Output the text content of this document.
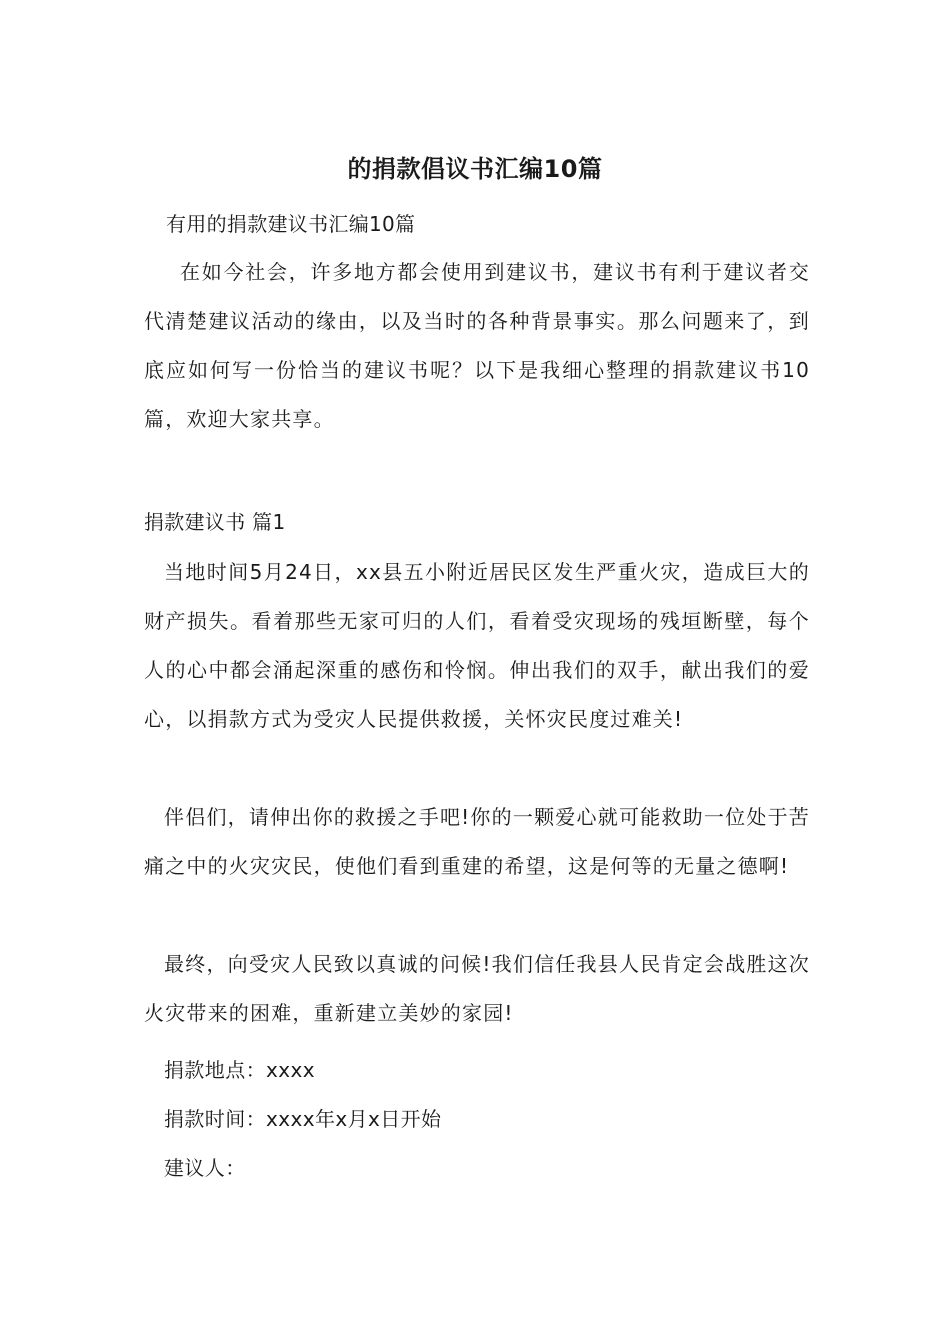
的捐款倡议书汇编10篇
有用的捐款建议书汇编10篇
在如今社会，许多地方都会使用到建议书，建议书有利于建议者交代清楚建议活动的缘由，以及当时的各种背景事实。那么问题来了，到底应如何写一份恰当的建议书呢？以下是我细心整理的捐款建议书10篇，欢迎大家共享。
捐款建议书 篇1
当地时间5月24日，xx县五小附近居民区发生严重火灾，造成巨大的财产损失。看着那些无家可归的人们，看着受灾现场的残垣断壁，每个人的心中都会涌起深重的感伤和怜悯。伸出我们的双手，献出我们的爱心，以捐款方式为受灾人民提供救援，关怀灾民度过难关!
伴侣们，请伸出你的救援之手吧!你的一颗爱心就可能救助一位处于苦痛之中的火灾灾民，使他们看到重建的希望，这是何等的无量之德啊!
最终，向受灾人民致以真诚的问候!我们信任我县人民肯定会战胜这次火灾带来的困难，重新建立美妙的家园!
捐款地点：xxxx
捐款时间：xxxx年x月x日开始
建议人：
